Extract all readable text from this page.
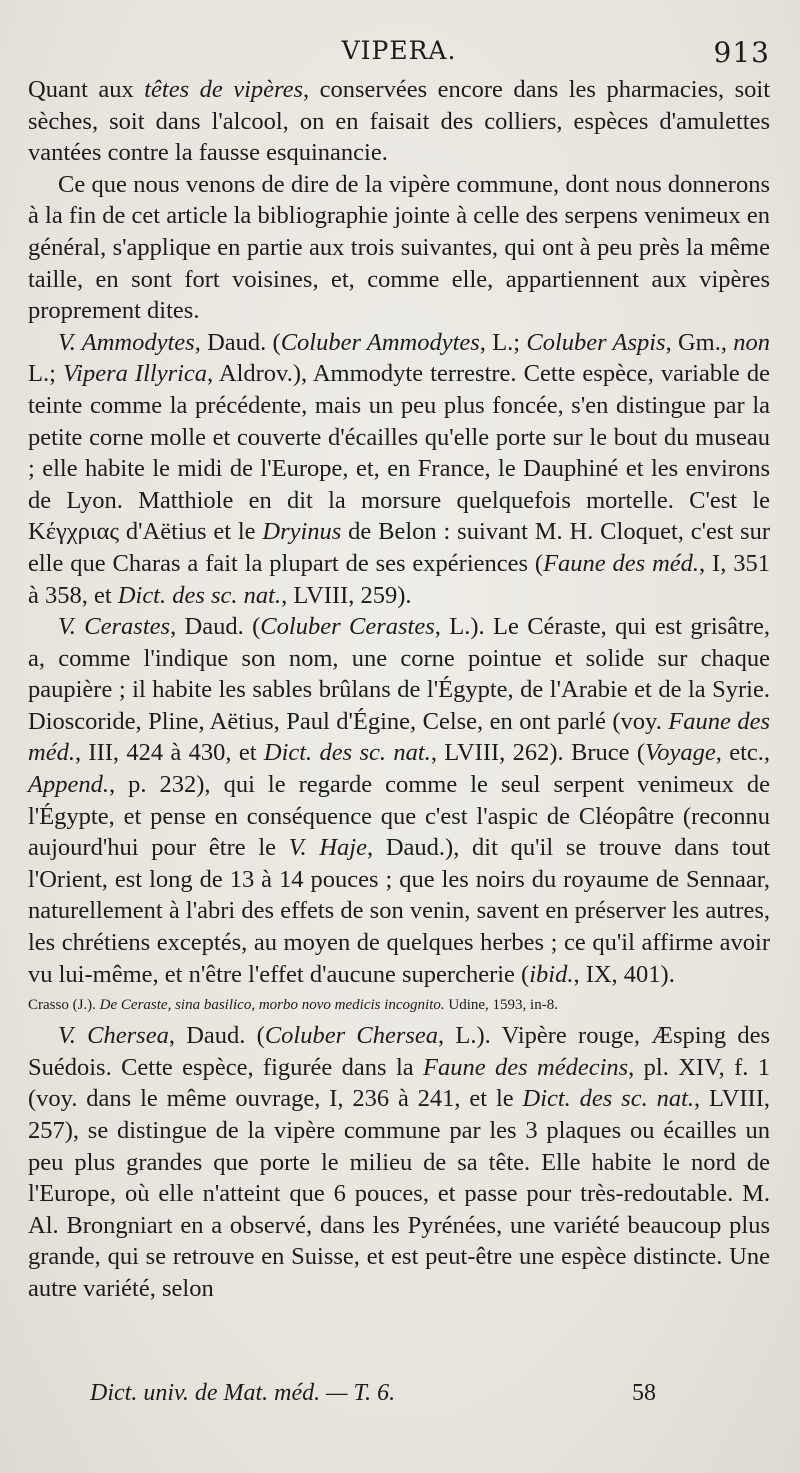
VIPERA.	913

Quant aux têtes de vipères, conservées encore dans les pharmacies, soit sèches, soit dans l'alcool, on en faisait des colliers, espèces d'amulettes vantées contre la fausse esquinancie.

Ce que nous venons de dire de la vipère commune, dont nous donnerons à la fin de cet article la bibliographie jointe à celle des serpens venimeux en général, s'applique en partie aux trois suivantes, qui ont à peu près la même taille, en sont fort voisines, et, comme elle, appartiennent aux vipères proprement dites.

V. Ammodytes, Daud. (Coluber Ammodytes, L.; Coluber Aspis, Gm., non L.; Vipera Illyrica, Aldrov.), Ammodyte terrestre. Cette espèce, variable de teinte comme la précédente, mais un peu plus foncée, s'en distingue par la petite corne molle et couverte d'écailles qu'elle porte sur le bout du museau ; elle habite le midi de l'Europe, et, en France, le Dauphiné et les environs de Lyon. Matthiole en dit la morsure quelquefois mortelle. C'est le Κέγχριας d'Aëtius et le Dryinus de Belon : suivant M. H. Cloquet, c'est sur elle que Charas a fait la plupart de ses expériences (Faune des méd., I, 351 à 358, et Dict. des sc. nat., LVIII, 259).

V. Cerastes, Daud. (Coluber Cerastes, L.). Le Céraste, qui est grisâtre, a, comme l'indique son nom, une corne pointue et solide sur chaque paupière ; il habite les sables brûlans de l'Égypte, de l'Arabie et de la Syrie. Dioscoride, Pline, Aëtius, Paul d'Égine, Celse, en ont parlé (voy. Faune des méd., III, 424 à 430, et Dict. des sc. nat., LVIII, 262). Bruce (Voyage, etc., Append., p. 232), qui le regarde comme le seul serpent venimeux de l'Égypte, et pense en conséquence que c'est l'aspic de Cléopâtre (reconnu aujourd'hui pour être le V. Haje, Daud.), dit qu'il se trouve dans tout l'Orient, est long de 13 à 14 pouces ; que les noirs du royaume de Sennaar, naturellement à l'abri des effets de son venin, savent en préserver les autres, les chrétiens exceptés, au moyen de quelques herbes ; ce qu'il affirme avoir vu lui-même, et n'être l'effet d'aucune supercherie (ibid., IX, 401).

Crasso (J.). De Ceraste, sina basilico, morbo novo medicis incognito. Udine, 1593, in-8.

V. Chersea, Daud. (Coluber Chersea, L.). Vipère rouge, Æsping des Suédois. Cette espèce, figurée dans la Faune des médecins, pl. XIV, f. 1 (voy. dans le même ouvrage, I, 236 à 241, et le Dict. des sc. nat., LVIII, 257), se distingue de la vipère commune par les 3 plaques ou écailles un peu plus grandes que porte le milieu de sa tête. Elle habite le nord de l'Europe, où elle n'atteint que 6 pouces, et passe pour très-redoutable. M. Al. Brongniart en a observé, dans les Pyrénées, une variété beaucoup plus grande, qui se retrouve en Suisse, et est peut-être une espèce distincte. Une autre variété, selon

Dict. univ. de Mat. méd. — T. 6.	58
